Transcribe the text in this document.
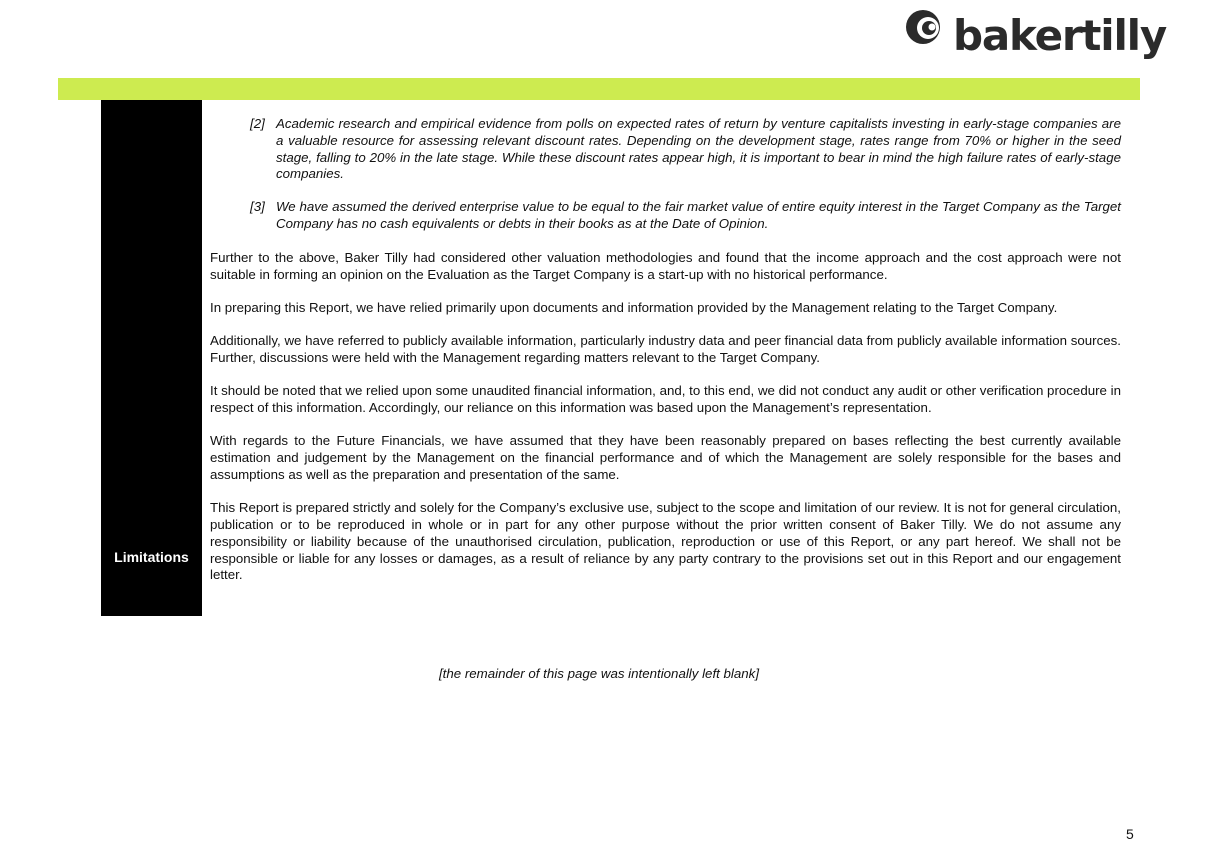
bakertilly
Limitations

[2] Academic research and empirical evidence from polls on expected rates of return by venture capitalists investing in early-stage companies are a valuable resource for assessing relevant discount rates. Depending on the development stage, rates range from 70% or higher in the seed stage, falling to 20% in the late stage. While these discount rates appear high, it is important to bear in mind the high failure rates of early-stage companies.

[3] We have assumed the derived enterprise value to be equal to the fair market value of entire equity interest in the Target Company as the Target Company has no cash equivalents or debts in their books as at the Date of Opinion.

Further to the above, Baker Tilly had considered other valuation methodologies and found that the income approach and the cost approach were not suitable in forming an opinion on the Evaluation as the Target Company is a start-up with no historical performance.

In preparing this Report, we have relied primarily upon documents and information provided by the Management relating to the Target Company.

Additionally, we have referred to publicly available information, particularly industry data and peer financial data from publicly available information sources. Further, discussions were held with the Management regarding matters relevant to the Target Company.

It should be noted that we relied upon some unaudited financial information, and, to this end, we did not conduct any audit or other verification procedure in respect of this information. Accordingly, our reliance on this information was based upon the Management’s representation.

With regards to the Future Financials, we have assumed that they have been reasonably prepared on bases reflecting the best currently available estimation and judgement by the Management on the financial performance and of which the Management are solely responsible for the bases and assumptions as well as the preparation and presentation of the same.

This Report is prepared strictly and solely for the Company’s exclusive use, subject to the scope and limitation of our review. It is not for general circulation, publication or to be reproduced in whole or in part for any other purpose without the prior written consent of Baker Tilly. We do not assume any responsibility or liability because of the unauthorised circulation, publication, reproduction or use of this Report, or any part hereof. We shall not be responsible or liable for any losses or damages, as a result of reliance by any party contrary to the provisions set out in this Report and our engagement letter.

[the remainder of this page was intentionally left blank]
5
